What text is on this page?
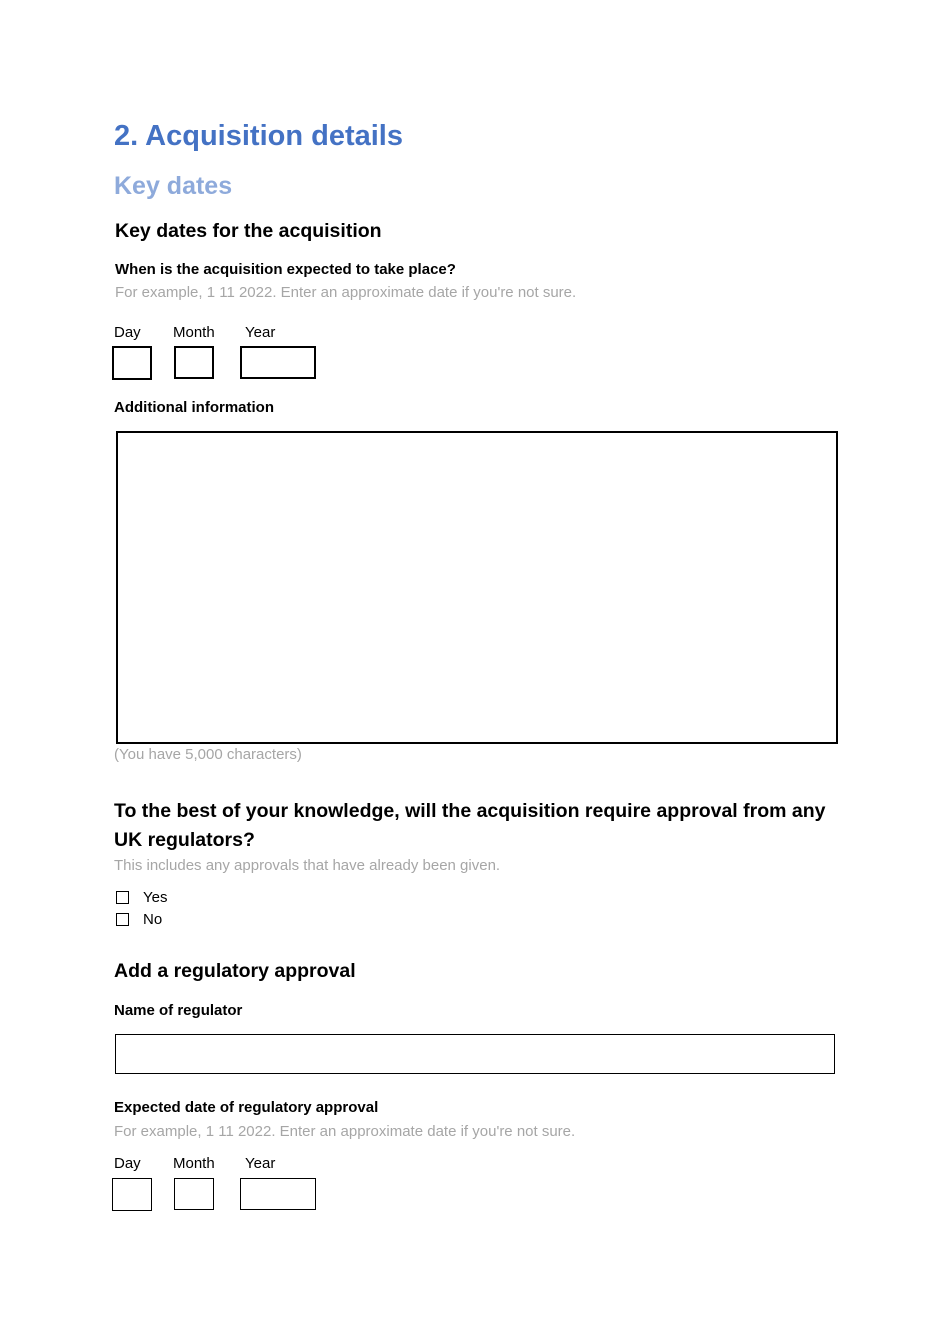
2. Acquisition details
Key dates
Key dates for the acquisition
When is the acquisition expected to take place?
For example, 1 11 2022. Enter an approximate date if you're not sure.
Day Month Year
Additional information
(You have 5,000 characters)
To the best of your knowledge, will the acquisition require approval from any UK regulators?
This includes any approvals that have already been given.
Yes
No
Add a regulatory approval
Name of regulator
Expected date of regulatory approval
For example, 1 11 2022. Enter an approximate date if you're not sure.
Day Month Year
